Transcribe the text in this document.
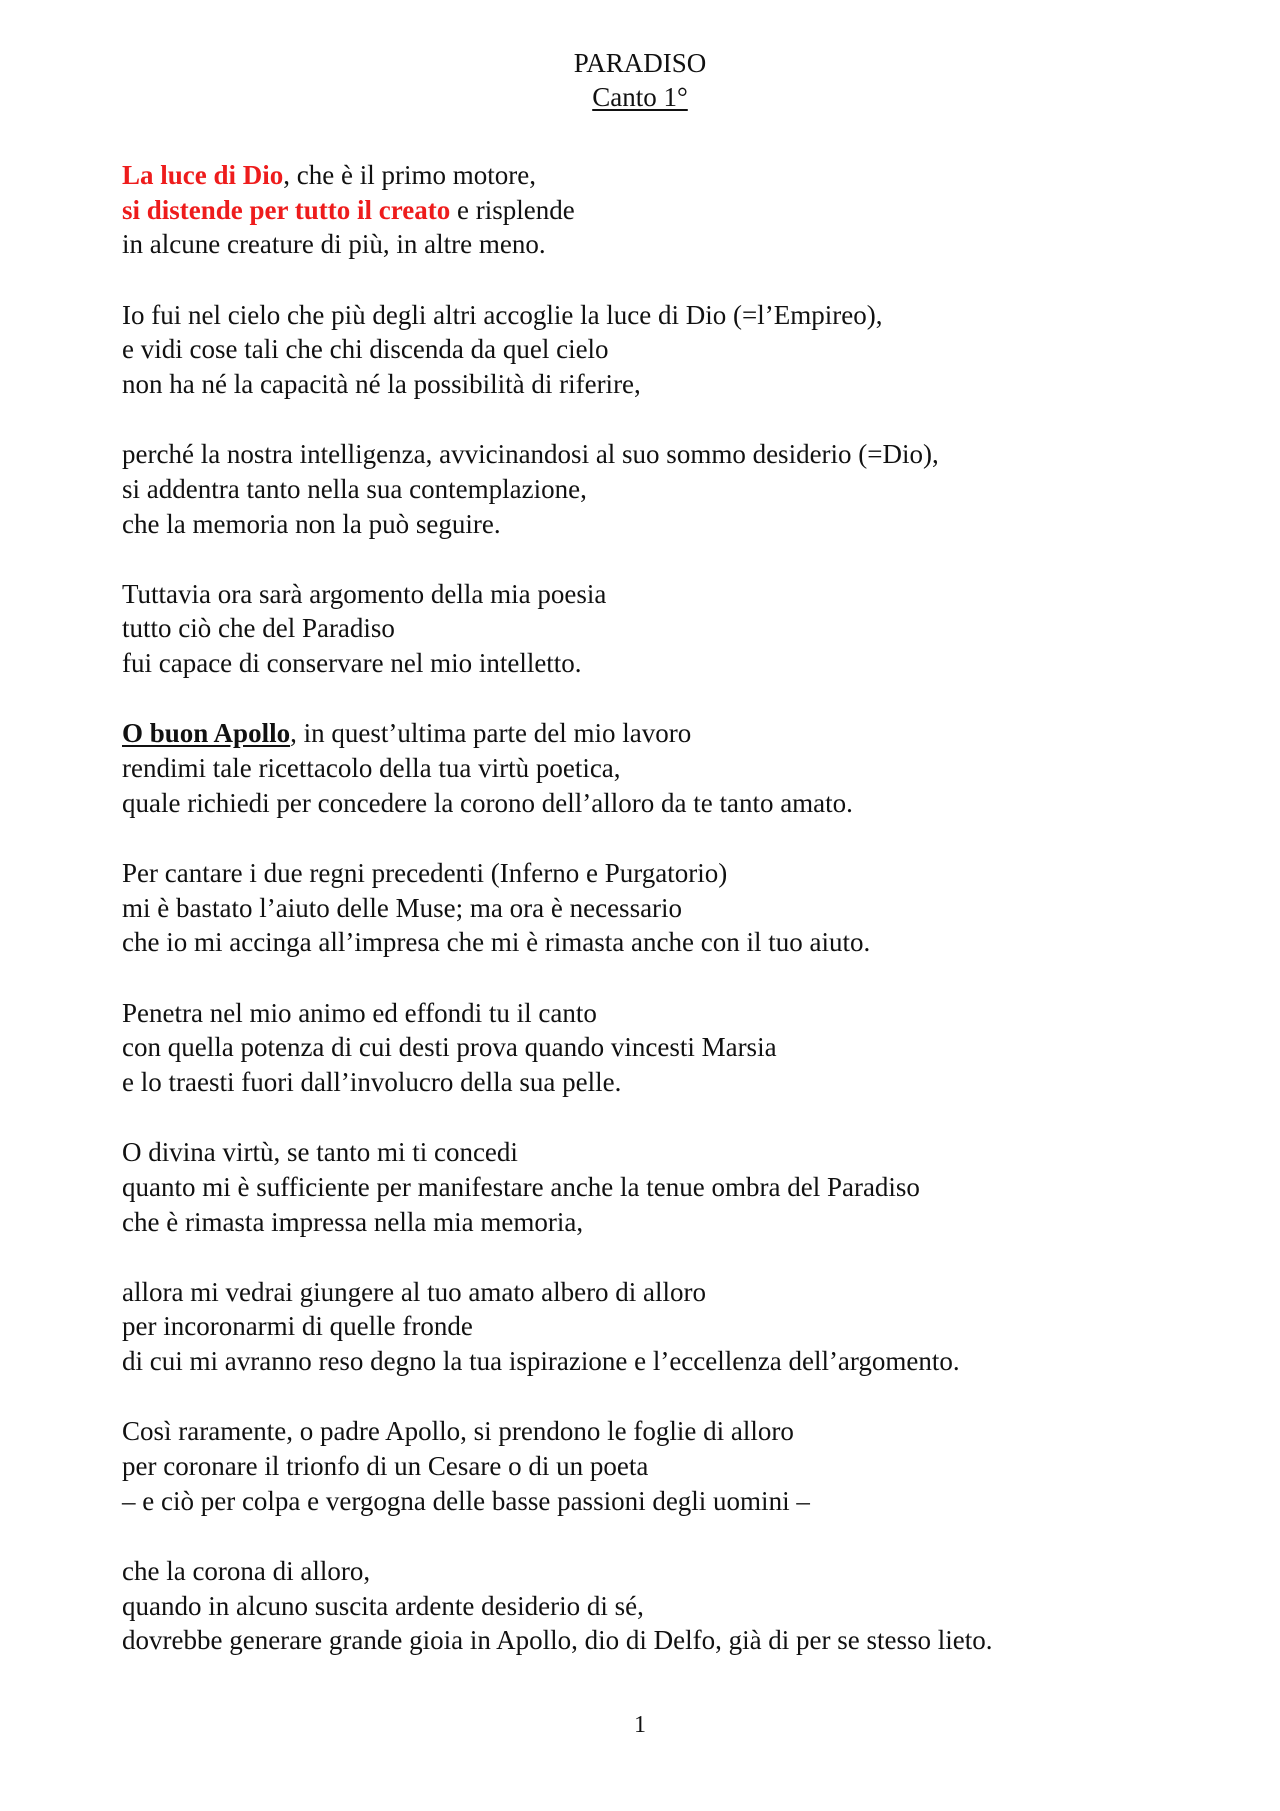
PARADISO
Canto 1°
La luce di Dio, che è il primo motore,
si distende per tutto il creato e risplende
in alcune creature di più, in altre meno.
Io fui nel cielo che più degli altri accoglie la luce di Dio (=l’Empireo),
e vidi cose tali che chi discenda da quel cielo
non ha né la capacità né la possibilità di riferire,
perché la nostra intelligenza, avvicinandosi al suo sommo desiderio (=Dio),
si addentra tanto nella sua contemplazione,
che la memoria non la può seguire.
Tuttavia ora sarà argomento della mia poesia
tutto ciò che del Paradiso
fui capace di conservare nel mio intelletto.
O buon Apollo, in quest’ultima parte del mio lavoro
rendimi tale ricettacolo della tua virtù poetica,
quale richiedi per concedere la corono dell’alloro da te tanto amato.
Per cantare i due regni precedenti (Inferno e Purgatorio)
mi è bastato l’aiuto delle Muse; ma ora è necessario
che io mi accinga all’impresa che mi è rimasta anche con il tuo aiuto.
Penetra nel mio animo ed effondi tu il canto
con quella potenza di cui desti prova quando vincesti Marsia
e lo traesti fuori dall’involucro della sua pelle.
O divina virtù, se tanto mi ti concedi
quanto mi è sufficiente per manifestare anche la tenue ombra del Paradiso
che è rimasta impressa nella mia memoria,
allora mi vedrai giungere al tuo amato albero di alloro
per incoronarmi di quelle fronde
di cui mi avranno reso degno la tua ispirazione e l’eccellenza dell’argomento.
Così raramente, o padre Apollo, si prendono le foglie di alloro
per coronare il trionfo di un Cesare o di un poeta
– e ciò per colpa e vergogna delle basse passioni degli uomini –
che la corona di alloro,
quando in alcuno suscita ardente desiderio di sé,
dovrebbe generare grande gioia in Apollo, dio di Delfo, già di per se stesso lieto.
1
